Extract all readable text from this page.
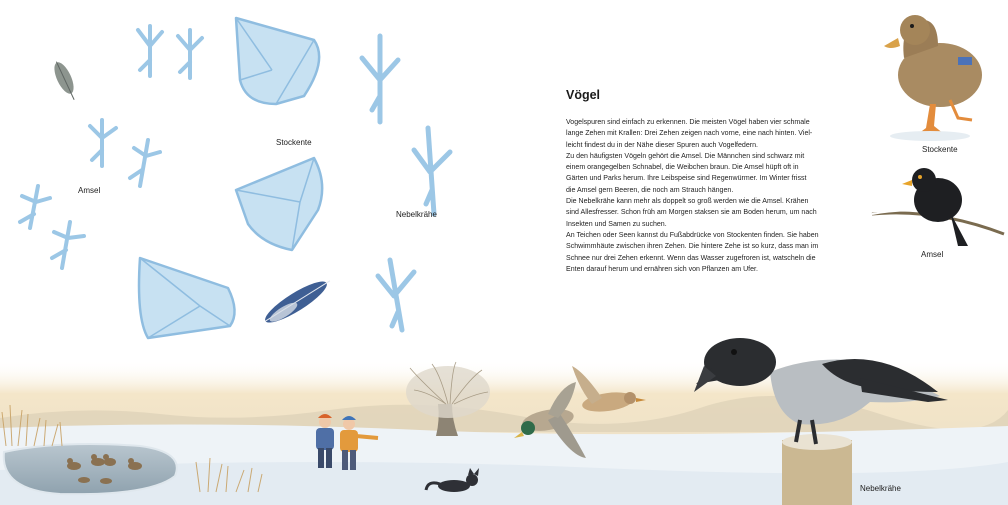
Stockente
Amsel
Nebelkrähe
Stockente
Amsel
Nebelkrähe
Vögel
Vogelspuren sind einfach zu erkennen. Die meisten Vögel haben vier schmale
lange Zehen mit Krallen: Drei Zehen zeigen nach vorne, eine nach hinten. Viel-
leicht findest du in der Nähe dieser Spuren auch Vogelfedern.
Zu den häufigsten Vögeln gehört die Amsel. Die Männchen sind schwarz mit
einem orangegelben Schnabel, die Weibchen braun. Die Amsel hüpft oft in
Gärten und Parks herum. Ihre Leibspeise sind Regenwürmer. Im Winter frisst
die Amsel gern Beeren, die noch am Strauch hängen.
Die Nebelkrähe kann mehr als doppelt so groß werden wie die Amsel. Krähen
sind Allesfresser. Schon früh am Morgen staksen sie am Boden herum, um nach
Insekten und Samen zu suchen.
An Teichen oder Seen kannst du Fußabdrücke von Stockenten finden. Sie haben
Schwimmhäute zwischen ihren Zehen. Die hintere Zehe ist so kurz, dass man im
Schnee nur drei Zehen erkennt. Wenn das Wasser zugefroren ist, watscheln die
Enten darauf herum und ernähren sich von Pflanzen am Ufer.
